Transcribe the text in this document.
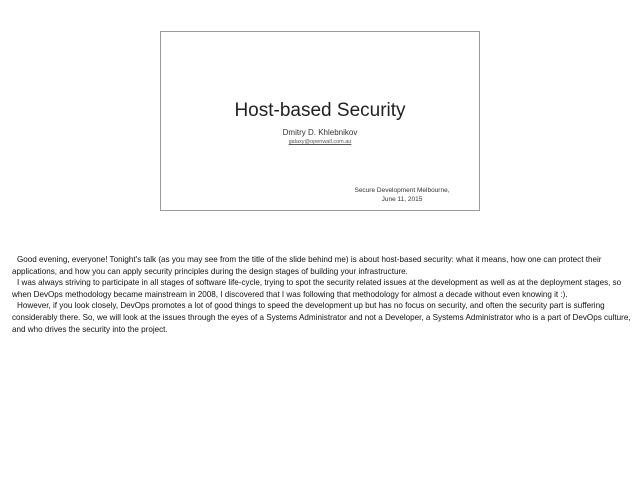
Host-based Security
Dmitry D. Khlebnikov
galaxy@openwall.com.au
Secure Development Melbourne,
June 11, 2015

Good evening, everyone! Tonight's talk (as you may see from the title of the slide behind me) is about host-based security: what it means, how one can protect their applications, and how you can apply security principles during the design stages of building your infrastructure.

I was always striving to participate in all stages of software life-cycle, trying to spot the security related issues at the development as well as at the deployment stages, so when DevOps methodology became mainstream in 2008, I discovered that I was following that methodology for almost a decade without even knowing it :).

However, if you look closely, DevOps promotes a lot of good things to speed the development up but has no focus on security, and often the security part is suffering considerably there. So, we will look at the issues through the eyes of a Systems Administrator and not a Developer, a Systems Administrator who is a part of DevOps culture, and who drives the security into the project.
